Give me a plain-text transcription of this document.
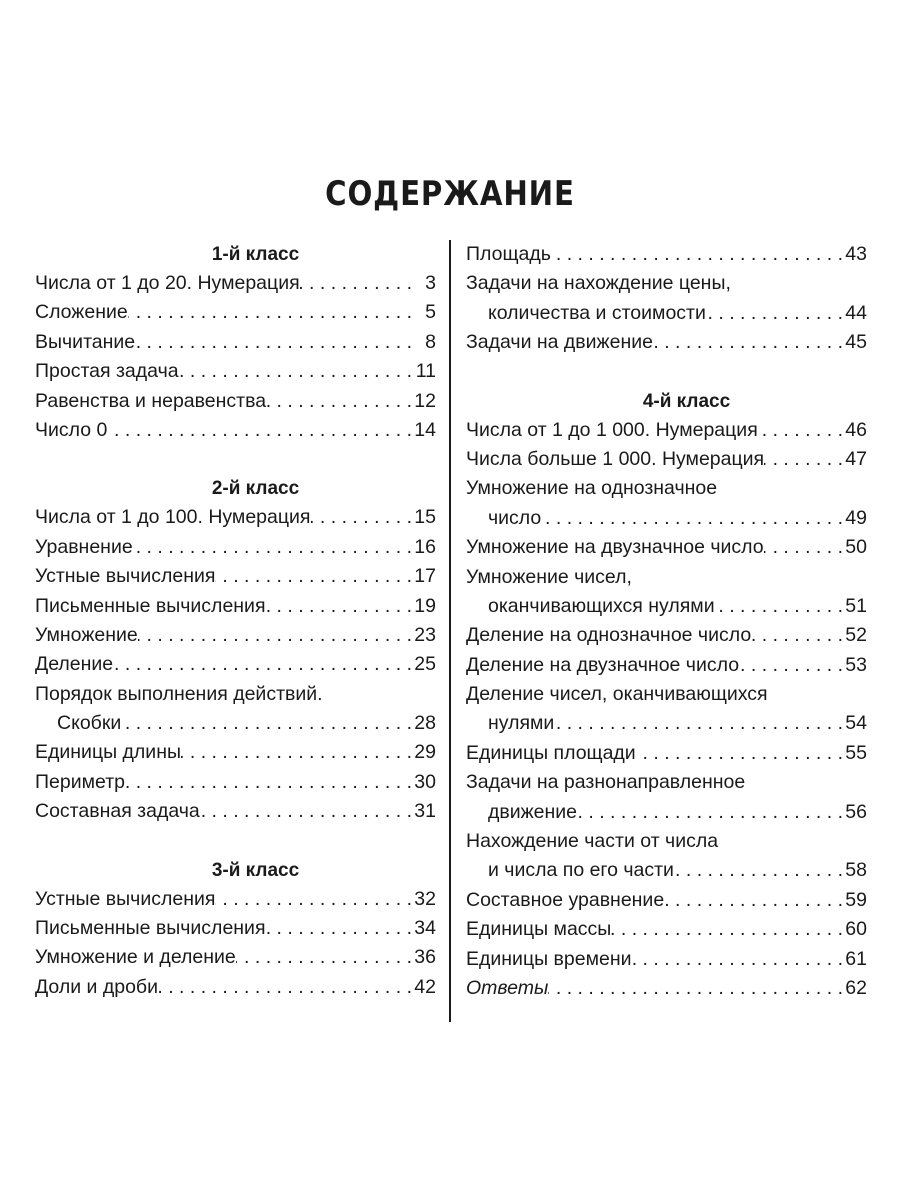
СОДЕРЖАНИЕ
1-й класс
Числа от 1 до 20. Нумерация . . .	3
Сложение . . .	5
Вычитание . . .	8
Простая задача . . .	11
Равенства и неравенства . . .	12
Число 0 . . .	14
2-й класс
Числа от 1 до 100. Нумерация . . .	15
Уравнение . . .	16
Устные вычисления . . .	17
Письменные вычисления . . .	19
Умножение . . .	23
Деление . . .	25
Порядок выполнения действий.
Скобки . . .	28
Единицы длины . . .	29
Периметр . . .	30
Составная задача . . .	31
3-й класс
Устные вычисления . . .	32
Письменные вычисления . . .	34
Умножение и деление . . .	36
Доли и дроби . . .	42
Площадь . . .	43
Задачи на нахождение цены,
количества и стоимости . . .	44
Задачи на движение . . .	45
4-й класс
Числа от 1 до 1 000. Нумерация . . .	46
Числа больше 1 000. Нумерация . . .	47
Умножение на однозначное
число . . .	49
Умножение на двузначное число . . .	50
Умножение чисел,
оканчивающихся нулями . . .	51
Деление на однозначное число . . .	52
Деление на двузначное число . . .	53
Деление чисел, оканчивающихся
нулями . . .	54
Единицы площади . . .	55
Задачи на разнонаправленное
движение . . .	56
Нахождение части от числа
и числа по его части . . .	58
Составное уравнение . . .	59
Единицы массы . . .	60
Единицы времени . . .	61
Ответы . . .	62
